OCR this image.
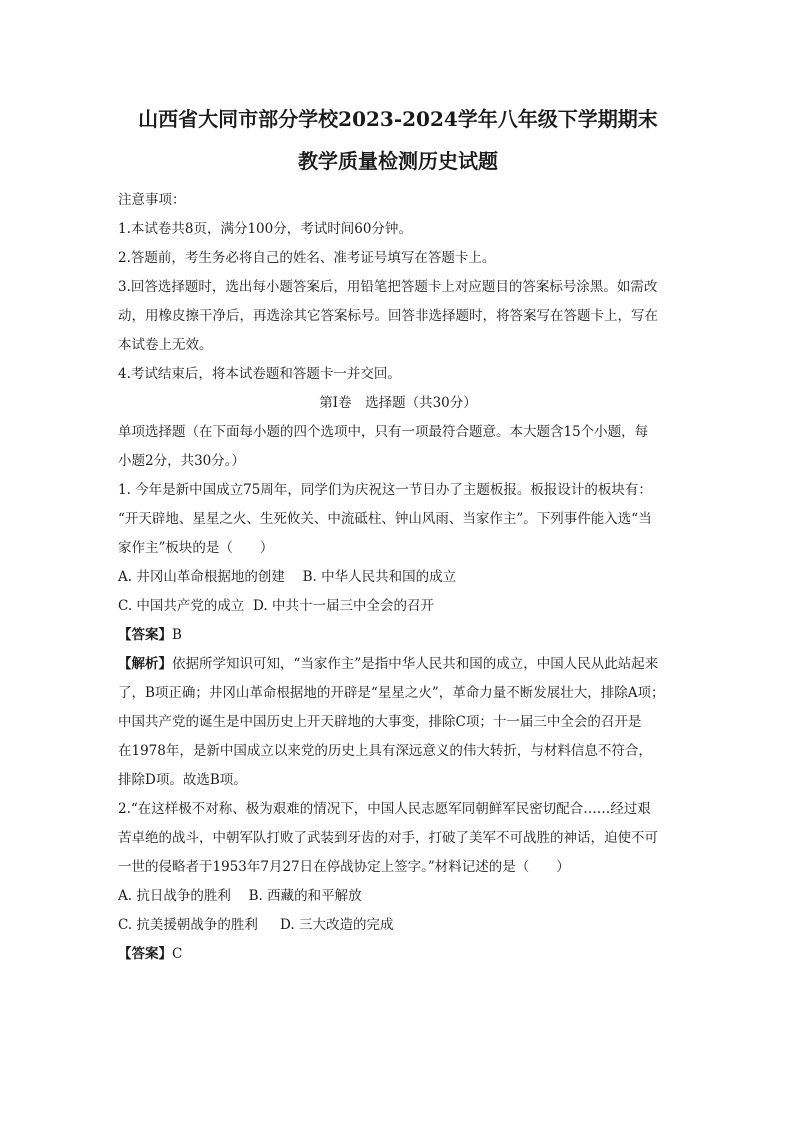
山西省大同市部分学校2023-2024学年八年级下学期期末

教学质量检测历史试题

注意事项：

1.本试卷共8页，满分100分，考试时间60分钟。

2.答题前，考生务必将自己的姓名、准考证号填写在答题卡上。

3.回答选择题时，选出每小题答案后，用铅笔把答题卡上对应题目的答案标号涂黑。如需改

动，用橡皮擦干净后，再选涂其它答案标号。回答非选择题时，将答案写在答题卡上，写在

本试卷上无效。

4.考试结束后，将本试卷题和答题卡一并交回。

第Ⅰ卷　选择题（共30分）

单项选择题（在下面每小题的四个选项中，只有一项最符合题意。本大题含15个小题，每

小题2分，共30分。）

1. 今年是新中国成立75周年，同学们为庆祝这一节日办了主题板报。板报设计的板块有：

“开天辟地、星星之火、生死攸关、中流砥柱、钟山风雨、当家作主”。下列事件能入选“当

家作主”板块的是（　　）

A. 井冈山革命根据地的创建　 B. 中华人民共和国的成立

C. 中国共产党的成立  D. 中共十一届三中全会的召开

【答案】B

【解析】依据所学知识可知，“当家作主”是指中华人民共和国的成立，中国人民从此站起来

了，B项正确；井冈山革命根据地的开辟是“星星之火”，革命力量不断发展壮大，排除A项；

中国共产党的诞生是中国历史上开天辟地的大事变，排除C项；十一届三中全会的召开是

在1978年，是新中国成立以来党的历史上具有深远意义的伟大转折，与材料信息不符合，

排除D项。故选B项。

2.“在这样极不对称、极为艰难的情况下，中国人民志愿军同朝鲜军民密切配合……经过艰

苦卓绝的战斗，中朝军队打败了武装到牙齿的对手，打破了美军不可战胜的神话，迫使不可

一世的侵略者于1953年7月27日在停战协定上签字。”材料记述的是（　　）

A. 抗日战争的胜利　 B. 西藏的和平解放

C. 抗美援朝战争的胜利　  D. 三大改造的完成

【答案】C
